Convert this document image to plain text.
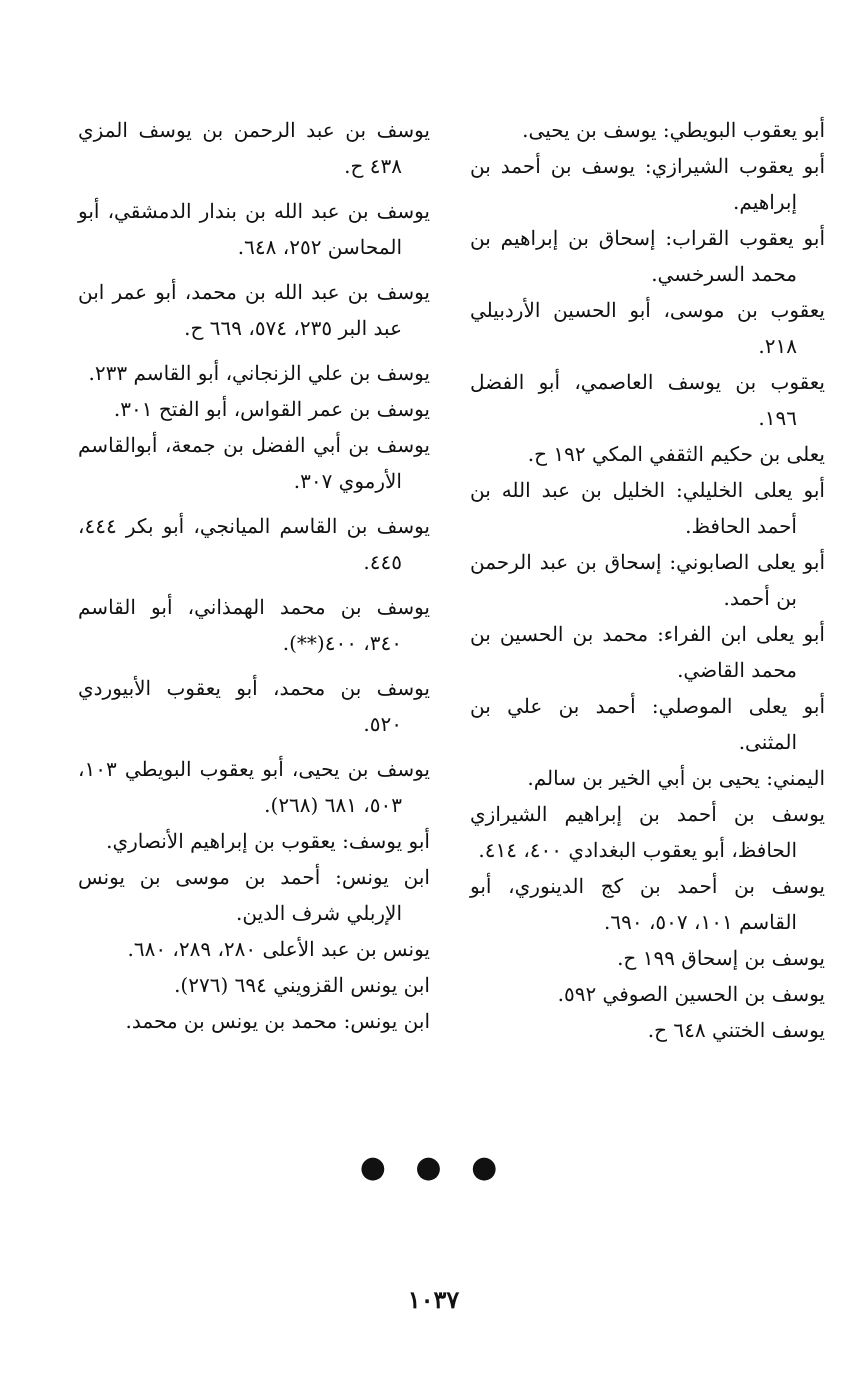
أبو يعقوب البويطي: يوسف بن يحيى.

أبو يعقوب الشيرازي: يوسف بن أحمد بن إبراهيم.

أبو يعقوب القراب: إسحاق بن إبراهيم بن محمد السرخسي.

يعقوب بن موسى، أبو الحسين الأردبيلي ٢١٨.

يعقوب بن يوسف العاصمي، أبو الفضل ١٩٦.

يعلى بن حكيم الثقفي المكي ١٩٢ ح.

أبو يعلى الخليلي: الخليل بن عبد الله بن أحمد الحافظ.

أبو يعلى الصابوني: إسحاق بن عبد الرحمن بن أحمد.

أبو يعلى ابن الفراء: محمد بن الحسين بن محمد القاضي.

أبو يعلى الموصلي: أحمد بن علي بن المثنى.

اليمني: يحيى بن أبي الخير بن سالم.

يوسف بن أحمد بن إبراهيم الشيرازي الحافظ، أبو يعقوب البغدادي ٤٠٠، ٤١٤.

يوسف بن أحمد بن كج الدينوري، أبو القاسم ١٠١، ٥٠٧، ٦٩٠.

يوسف بن إسحاق ١٩٩ ح.

يوسف بن الحسين الصوفي ٥٩٢.

يوسف الختني ٦٤٨ ح.

يوسف بن عبد الرحمن بن يوسف المزي ٤٣٨ ح.

يوسف بن عبد الله بن بندار الدمشقي، أبو المحاسن ٢٥٢، ٦٤٨.

يوسف بن عبد الله بن محمد، أبو عمر ابن عبد البر ٢٣٥، ٥٧٤، ٦٦٩ ح.

يوسف بن علي الزنجاني، أبو القاسم ٢٣٣.

يوسف بن عمر القواس، أبو الفتح ٣٠١.

يوسف بن أبي الفضل بن جمعة، أبوالقاسم الأرموي ٣٠٧.

يوسف بن القاسم الميانجي، أبو بكر ٤٤٤، ٤٤٥.

يوسف بن محمد الهمذاني، أبو القاسم ٣٤٠، ٤٠٠(**).

يوسف بن محمد، أبو يعقوب الأبيوردي ٥٢٠.

يوسف بن يحيى، أبو يعقوب البويطي ١٠٣، ٥٠٣، ٦٨١ (٢٦٨).

أبو يوسف: يعقوب بن إبراهيم الأنصاري.

ابن يونس: أحمد بن موسى بن يونس الإربلي شرف الدين.

يونس بن عبد الأعلى ٢٨٠، ٢٨٩، ٦٨٠.

ابن يونس القزويني ٦٩٤ (٢٧٦).

ابن يونس: محمد بن يونس بن محمد.

● ● ●
١٠٣٧
